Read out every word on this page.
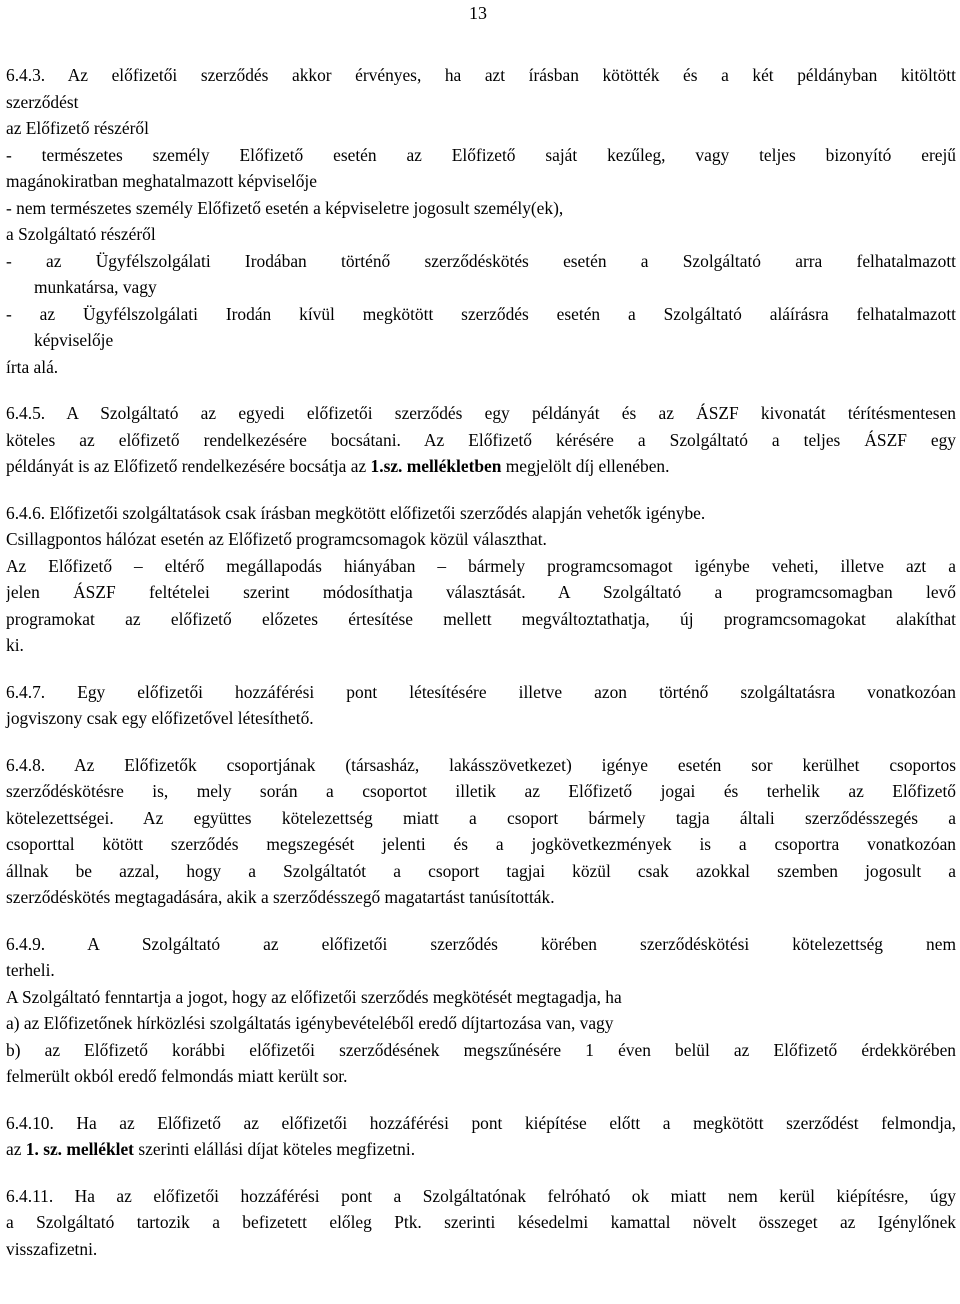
13
6.4.3. Az előfizetői szerződés akkor érvényes, ha azt írásban kötötték és a két példányban kitöltött
szerződést
az Előfizető részéről
- természetes személy Előfizető esetén az Előfizető saját kezűleg, vagy teljes bizonyító erejű
magánokiratban meghatalmazott képviselője
- nem természetes személy Előfizető esetén a képviseletre jogosult személy(ek),
a Szolgáltató részéről
- az Ügyfélszolgálati Irodában történő szerződéskötés esetén a Szolgáltató arra felhatalmazott
munkatársa, vagy
- az Ügyfélszolgálati Irodán kívül megkötött szerződés esetén a Szolgáltató aláírásra felhatalmazott
képviselője
írta alá.
6.4.5. A Szolgáltató az egyedi előfizetői szerződés egy példányát és az ÁSZF kivonatát térítésmentesen
köteles az előfizető rendelkezésére bocsátani. Az Előfizető kérésére a Szolgáltató a teljes ÁSZF egy
példányát is az Előfizető rendelkezésére bocsátja az 1.sz. mellékletben megjelölt díj ellenében.
6.4.6. Előfizetői szolgáltatások csak írásban megkötött előfizetői szerződés alapján vehetők igénybe.
Csillagpontos hálózat esetén az Előfizető programcsomagok közül választhat.
Az Előfizető – eltérő megállapodás hiányában – bármely programcsomagot igénybe veheti, illetve azt a
jelen ÁSZF feltételei szerint módosíthatja választását. A Szolgáltató a programcsomagban levő
programokat az előfizető előzetes értesítése mellett megváltoztathatja, új programcsomagokat alakíthat
ki.
6.4.7. Egy előfizetői hozzáférési pont létesítésére illetve azon történő szolgáltatásra vonatkozóan
jogviszony csak egy előfizetővel létesíthető.
6.4.8. Az Előfizetők csoportjának (társasház, lakásszövetkezet) igénye esetén sor kerülhet csoportos
szerződéskötésre is, mely során a csoportot illetik az Előfizető jogai és terhelik az Előfizető
kötelezettségei. Az együttes kötelezettség miatt a csoport bármely tagja általi szerződésszegés a
csoporttal kötött szerződés megszegését jelenti és a jogkövetkezmények is a csoportra vonatkozóan
állnak be azzal, hogy a Szolgáltatót a csoport tagjai közül csak azokkal szemben jogosult a
szerződéskötés megtagadására, akik a szerződésszegő magatartást tanúsították.
6.4.9. A Szolgáltató az előfizetői szerződés körében szerződéskötési kötelezettség nem
terheli.
A Szolgáltató fenntartja a jogot, hogy az előfizetői szerződés megkötését megtagadja, ha
a) az Előfizetőnek hírközlési szolgáltatás igénybevételéből eredő díjtartozása van, vagy
b) az Előfizető korábbi előfizetői szerződésének megszűnésére 1 éven belül az Előfizető érdekkörében
felmerült okból eredő felmondás miatt került sor.
6.4.10. Ha az Előfizető az előfizetői hozzáférési pont kiépítése előtt a megkötött szerződést felmondja,
az 1. sz. melléklet szerinti elállási díjat köteles megfizetni.
6.4.11. Ha az előfizetői hozzáférési pont a Szolgáltatónak felróható ok miatt nem kerül kiépítésre, úgy
a Szolgáltató tartozik a befizetett előleg Ptk. szerinti késedelmi kamattal növelt összeget az Igénylőnek
visszafizetni.
